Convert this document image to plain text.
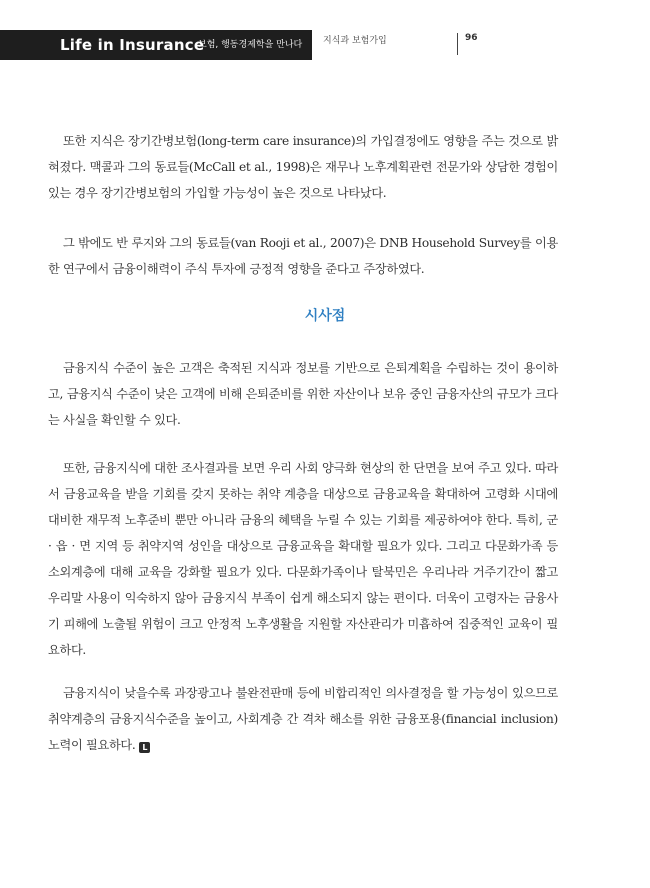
Life in Insurance
보험, 행동경제학을 만나다 지식과 보험가입	96

또한 지식은 장기간병보험(long-term care insurance)의 가입결정에도 영향을 주는 것으로 밝혀졌다. 맥콜과 그의 동료들(McCall et al., 1998)은 재무나 노후계획관련 전문가와 상담한 경험이 있는 경우 장기간병보험의 가입할 가능성이 높은 것으로 나타났다.

그 밖에도 반 루지와 그의 동료들(van Rooji et al., 2007)은 DNB Household Survey를 이용한 연구에서 금융이해력이 주식 투자에 긍정적 영향을 준다고 주장하였다.

시사점

금융지식 수준이 높은 고객은 축적된 지식과 정보를 기반으로 은퇴계획을 수립하는 것이 용이하고, 금융지식 수준이 낮은 고객에 비해 은퇴준비를 위한 자산이나 보유 중인 금융자산의 규모가 크다는 사실을 확인할 수 있다.

또한, 금융지식에 대한 조사결과를 보면 우리 사회 양극화 현상의 한 단면을 보여 주고 있다. 따라서 금융교육을 받을 기회를 갖지 못하는 취약 계층을 대상으로 금융교육을 확대하여 고령화 시대에 대비한 재무적 노후준비 뿐만 아니라 금융의 혜택을 누릴 수 있는 기회를 제공하여야 한다. 특히, 군 · 읍 · 면 지역 등 취약지역 성인을 대상으로 금융교육을 확대할 필요가 있다. 그리고 다문화가족 등 소외계층에 대해 교육을 강화할 필요가 있다. 다문화가족이나 탈북민은 우리나라 거주기간이 짧고 우리말 사용이 익숙하지 않아 금융지식 부족이 쉽게 해소되지 않는 편이다. 더욱이 고령자는 금융사기 피해에 노출될 위험이 크고 안정적 노후생활을 지원할 자산관리가 미흡하여 집중적인 교육이 필요하다.

금융지식이 낮을수록 과장광고나 불완전판매 등에 비합리적인 의사결정을 할 가능성이 있으므로 취약계층의 금융지식수준을 높이고, 사회계층 간 격차 해소를 위한 금융포용(financial inclusion) 노력이 필요하다. L
